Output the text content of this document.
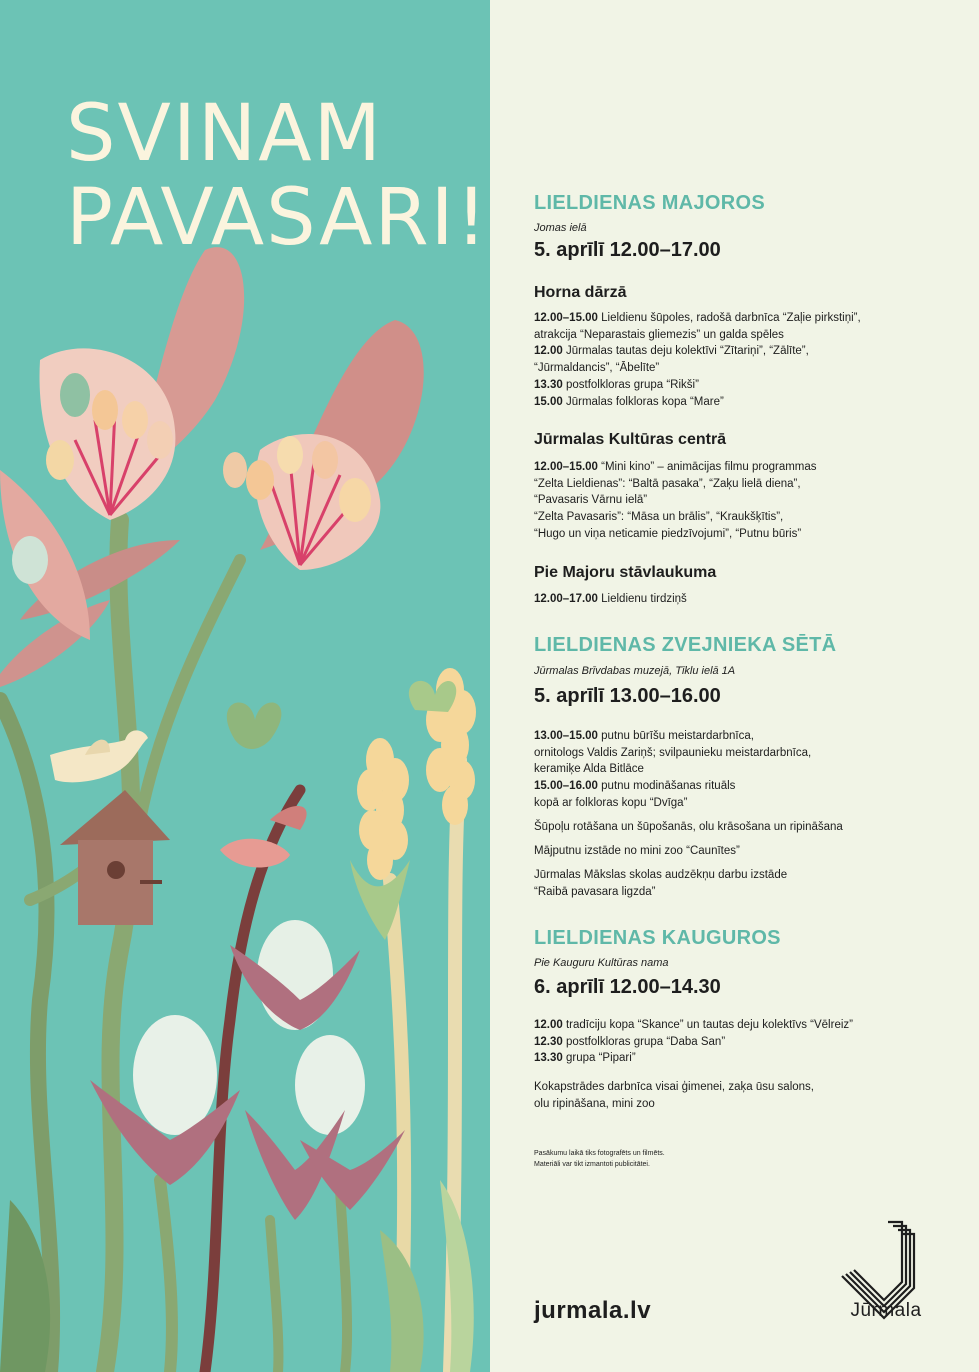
SVINAM
PAVASARI! LIELDIENAS MAJOROS

Jomas ielā

5. aprīlī 12.00–17.00

Horna dārzā
12.00–15.00 Lieldienu šūpoles, radošā darbnīca “Zaļie pirkstiņi”,
atrakcija “Neparastais gliemezis” un galda spēles
12.00 Jūrmalas tautas deju kolektīvi “Zītariņi”, “Zālīte”,
“Jūrmaldancis”, “Ābelīte”
13.30 postfolkloras grupa “Rikši”
15.00 Jūrmalas folkloras kopa “Mare”
Jūrmalas Kultūras centrā
12.00–15.00 “Mini kino” – animācijas filmu programmas
“Zelta Lieldienas”: “Baltā pasaka”, “Zaķu lielā diena”,
“Pavasaris Vārnu ielā”
“Zelta Pavasaris”: “Māsa un brālis”, “Kraukšķītis”,
“Hugo un viņa neticamie piedzīvojumi”, “Putnu būris”
Pie Majoru stāvlaukuma
12.00–17.00 Lieldienu tirdziņš
LIELDIENAS ZVEJNIEKA SĒTĀ

Jūrmalas Brīvdabas muzejā, Tīklu ielā 1A

5. aprīlī 13.00–16.00

13.00–15.00 putnu būrīšu meistardarbnīca,
ornitologs Valdis Zariņš; svilpaunieku meistardarbnīca,
keramiķe Alda Bitlāce
15.00–16.00 putnu modināšanas rituāls
kopā ar folkloras kopu “Dvīga”
Šūpoļu rotāšana un šūpošanās, olu krāsošana un ripināšana
Mājputnu izstāde no mini zoo “Caunītes”
Jūrmalas Mākslas skolas audzēkņu darbu izstāde
“Raibā pavasara ligzda”
LIELDIENAS KAUGUROS

Pie Kauguru Kultūras nama

6. aprīlī 12.00–14.30

12.00 tradīciju kopa “Skance” un tautas deju kolektīvs “Vēlreiz”
12.30 postfolkloras grupa “Daba San”
13.30 grupa “Pipari”
Kokapstrādes darbnīca visai ģimenei, zaķa ūsu salons,
olu ripināšana, mini zoo
Pasākumu laikā tiks fotografēts un filmēts.
Materiāli var tikt izmantoti publicitātei.

jurmala.lv	Jūrmala
